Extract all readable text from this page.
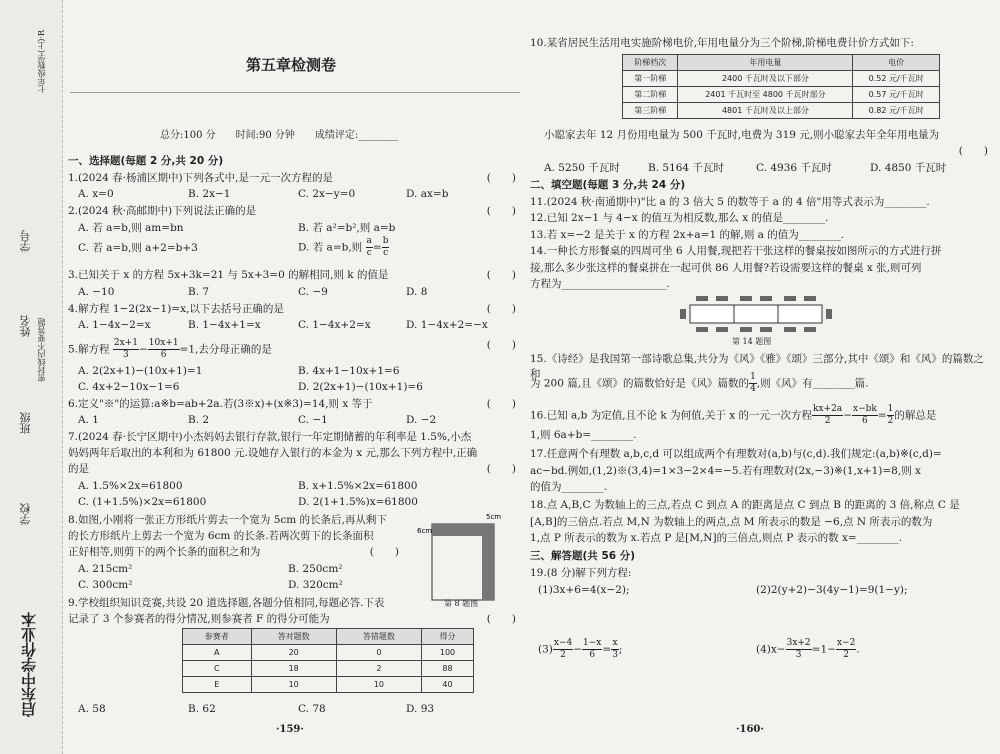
七年级数学(上)·R
学号
姓名 密封线内不要答题
班级
学校
启东中学作业本
第五章检测卷
总分:100 分　　时间:90 分钟　　成绩评定:________
一、选择题(每题 2 分,共 20 分)
1.(2024 春·杨浦区期中)下列各式中,是一元一次方程的是	(　　)
A. x=0	B. 2x−1	C. 2x−y=0	D. ax=b
2.(2024 秋·高邮期中)下列说法正确的是	(　　)
A. 若 a=b,则 am=bn	B. 若 a²=b²,则 a=b
C. 若 a=b,则 a+2=b+3	D. 若 a=b,则 $\frac{a}{c} = \frac{b}{c}$
3.已知关于 x 的方程 5x+3k=21 与 5x+3=0 的解相同,则 k 的值是	(　　)
A. −10	B. 7	C. −9	D. 8
4.解方程 1−2(2x−1)=x,以下去括号正确的是	(　　)
A. 1−4x−2=x	B. 1−4x+1=x	C. 1−4x+2=x	D. 1−4x+2=−x
5.解方程 $\frac{2x+1}{3} - \frac{10x+1}{6} =1$,去分母正确的是	(　　)
A. 2(2x+1)−(10x+1)=1	B. 4x+1−10x+1=6
C. 4x+2−10x−1=6	D. 2(2x+1)−(10x+1)=6
6.定义"※"的运算:a※b=ab+2a.若(3※x)+(x※3)=14,则 x 等于	(　　)
A. 1	B. 2	C. −1	D. −2
7.(2024 春·长宁区期中)小杰妈妈去银行存款,银行一年定期储蓄的年利率是 1.5%,小杰
妈妈两年后取出的本利和为 61800 元.设她存入银行的本金为 x 元,那么下列方程中,正确
的是	(　　)
A. 1.5%×2x=61800	B. x+1.5%×2x=61800
C. (1+1.5%)×2x=61800	D. 2(1+1.5%)x=61800
8.如图,小刚将一张正方形纸片剪去一个宽为 5cm 的长条后,再从剩下
的长方形纸片上剪去一个宽为 6cm 的长条.若两次剪下的长条面积
正好相等,则剪下的两个长条的面积之和为	(　　)
A. 215cm²	B. 250cm²
C. 300cm²	D. 320cm²
5cm
6cm
第 8 题图
9.学校组织知识竞赛,共设 20 道选择题,各题分值相同,每题必答.下表
记录了 3 个参赛者的得分情况,则参赛者 F 的得分可能为	(　　)
参赛者	答对题数	答错题数	得分
A	20	0	100
C	18	2	88
E	10	10	40
A. 58	B. 62	C. 78	D. 93
·159·
10.某省居民生活用电实施阶梯电价,年用电量分为三个阶梯,阶梯电费计价方式如下:
阶梯档次	年用电量	电价
第一阶梯	2400 千瓦时及以下部分	0.52 元/千瓦时
第二阶梯	2401 千瓦时至 4800 千瓦时部分	0.57 元/千瓦时
第三阶梯	4801 千瓦时及以上部分	0.82 元/千瓦时
小聪家去年 12 月份用电量为 500 千瓦时,电费为 319 元,则小聪家去年全年用电量为
(　　)
A. 5250 千瓦时	B. 5164 千瓦时	C. 4936 千瓦时	D. 4850 千瓦时
二、填空题(每题 3 分,共 24 分)
11.(2024 秋·南通期中)"比 a 的 3 倍大 5 的数等于 a 的 4 倍"用等式表示为________.
12.已知 2x−1 与 4−x 的值互为相反数,那么 x 的值是________.
13.若 x=−2 是关于 x 的方程 2x+a=1 的解,则 a 的值为________.
14.一种长方形餐桌的四周可坐 6 人用餐,现把若干张这样的餐桌按如图所示的方式进行拼
接,那么多少张这样的餐桌拼在一起可供 86 人用餐?若设需要这样的餐桌 x 张,则可列
方程为____________________.
第 14 题图
15.《诗经》是我国第一部诗歌总集,共分为《风》《雅》《颂》三部分,其中《颂》和《风》的篇数之和
为 200 篇,且《颂》的篇数恰好是《风》篇数的 $\frac{1}{4}$ ,则《风》有________篇.
16.已知 a,b 为定值,且不论 k 为何值,关于 x 的一元一次方程 $\frac{kx+2a}{2} - \frac{x-bk}{6} = \frac{1}{2}$ 的解总是
1,则 6a+b=________.
17.任意两个有理数 a,b,c,d 可以组成两个有理数对(a,b)与(c,d).我们规定:(a,b)※(c,d)=
ac−bd.例如,(1,2)※(3,4)=1×3−2×4=−5.若有理数对(2x,−3)※(1,x+1)=8,则 x
的值为________.
18.点 A,B,C 为数轴上的三点,若点 C 到点 A 的距离是点 C 到点 B 的距离的 3 倍,称点 C 是
[A,B]的三倍点.若点 M,N 为数轴上的两点,点 M 所表示的数是 −6,点 N 所表示的数为
1,点 P 所表示的数为 x.若点 P 是[M,N]的三倍点,则点 P 表示的数 x=________.
三、解答题(共 56 分)
19.(8 分)解下列方程:
(1)3x+6=4(x−2);	(2)2(y+2)−3(4y−1)=9(1−y);
$(3) \frac{x-4}{2} - \frac{1-x}{6} = \frac{x}{3}$ ;	$(4)x- \frac{3x+2}{3} =1- \frac{x-2}{2}$ .
·160·
